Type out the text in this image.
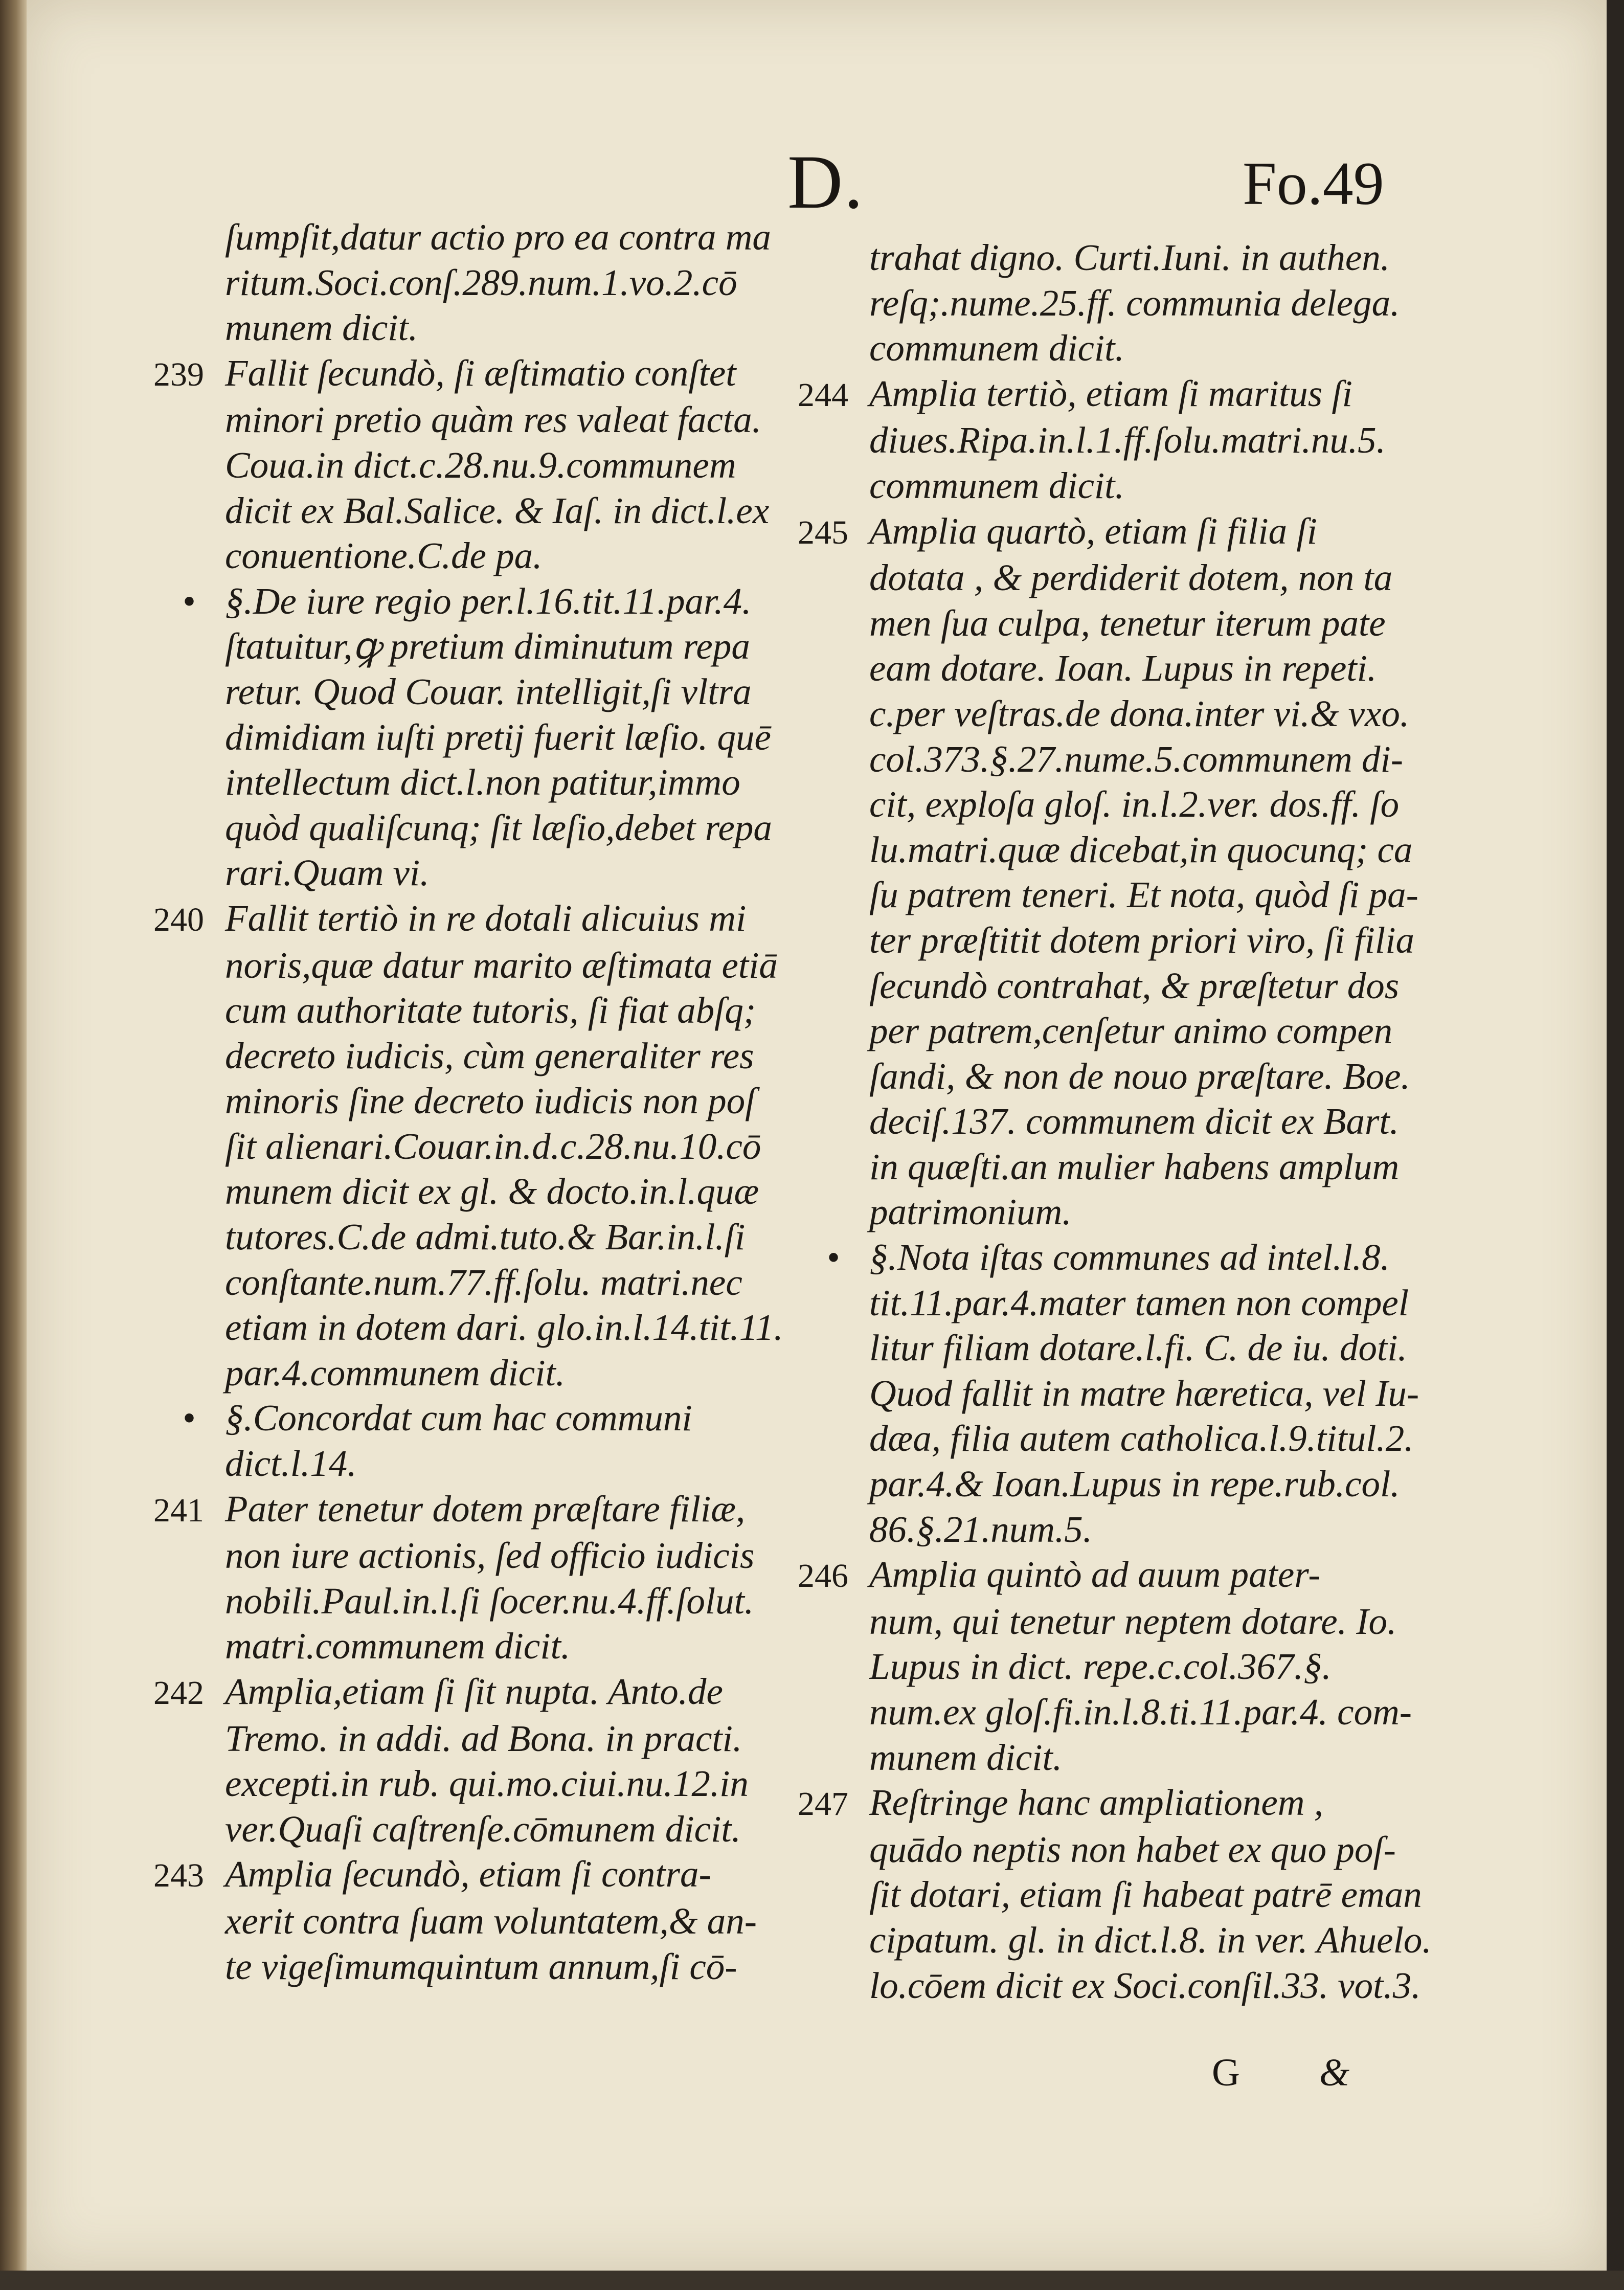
D.	Fo.49
ſumpſit,datur actio pro ea contra ma
ritum.Soci.conſ.289.num.1.vo.2.cō
munem dicit.
239 Fallit ſecundò, ſi æſtimatio conſtet
minori pretio quàm res valeat facta.
Coua.in dict.c.28.nu.9.communem
dicit ex Bal.Salice. & Iaſ. in dict.l.ex
conuentione.C.de pa.
• §.De iure regio per.l.16.tit.11.par.4.
ſtatuitur,ꝙ pretium diminutum repa
retur. Quod Couar. intelligit,ſi vltra
dimidiam iuſti pretij fuerit læſio. quē
intellectum dict.l.non patitur,immo
quòd qualiſcunq; ſit læſio,debet repa
rari.Quam vi.
240 Fallit tertiò in re dotali alicuius mi
noris,quæ datur marito æſtimata etiā
cum authoritate tutoris, ſi fiat abſq;
decreto iudicis, cùm generaliter res
minoris ſine decreto iudicis non poſ
ſit alienari.Couar.in.d.c.28.nu.10.cō
munem dicit ex gl. & docto.in.l.quæ
tutores.C.de admi.tuto.& Bar.in.l.ſi
conſtante.num.77.ff.ſolu. matri.nec
etiam in dotem dari. glo.in.l.14.tit.11.
par.4.communem dicit.
• §.Concordat cum hac communi
dict.l.14.
241 Pater tenetur dotem præſtare filiæ,
non iure actionis, ſed officio iudicis
nobili.Paul.in.l.ſi ſocer.nu.4.ff.ſolut.
matri.communem dicit.
242 Amplia,etiam ſi ſit nupta. Anto.de
Tremo. in addi. ad Bona. in practi.
excepti.in rub. qui.mo.ciui.nu.12.in
ver.Quaſi caſtrenſe.cōmunem dicit.
243 Amplia ſecundò, etiam ſi contra-
xerit contra ſuam voluntatem,& an-
te vigeſimumquintum annum,ſi cō-
trahat digno. Curti.Iuni. in authen.
reſq;.nume.25.ff. communia delega.
communem dicit.
244 Amplia tertiò, etiam ſi maritus ſi
diues.Ripa.in.l.1.ff.ſolu.matri.nu.5.
communem dicit.
245 Amplia quartò, etiam ſi filia ſi
dotata , & perdiderit dotem, non ta
men ſua culpa, tenetur iterum pate
eam dotare. Ioan. Lupus in repeti.
c.per veſtras.de dona.inter vi.& vxo.
col.373.§.27.nume.5.communem di-
cit, exploſa gloſ. in.l.2.ver. dos.ff. ſo
lu.matri.quæ dicebat,in quocunq; ca
ſu patrem teneri. Et nota, quòd ſi pa-
ter præſtitit dotem priori viro, ſi filia
ſecundò contrahat, & præſtetur dos
per patrem,cenſetur animo compen
ſandi, & non de nouo præſtare. Boe.
deciſ.137. communem dicit ex Bart.
in quæſti.an mulier habens amplum
patrimonium.
• §.Nota iſtas communes ad intel.l.8.
tit.11.par.4.mater tamen non compel
litur filiam dotare.l.fi. C. de iu. doti.
Quod fallit in matre hæretica, vel Iu-
dæa, filia autem catholica.l.9.titul.2.
par.4.& Ioan.Lupus in repe.rub.col.
86.§.21.num.5.
246 Amplia quintò ad auum pater-
num, qui tenetur neptem dotare. Io.
Lupus in dict. repe.c.col.367.§.
num.ex gloſ.fi.in.l.8.ti.11.par.4. com-
munem dicit.
247 Reſtringe hanc ampliationem ,
quādo neptis non habet ex quo poſ-
ſit dotari, etiam ſi habeat patrē eman
cipatum. gl. in dict.l.8. in ver. Ahuelo.
lo.cōem dicit ex Soci.conſil.33. vot.3.
G &
